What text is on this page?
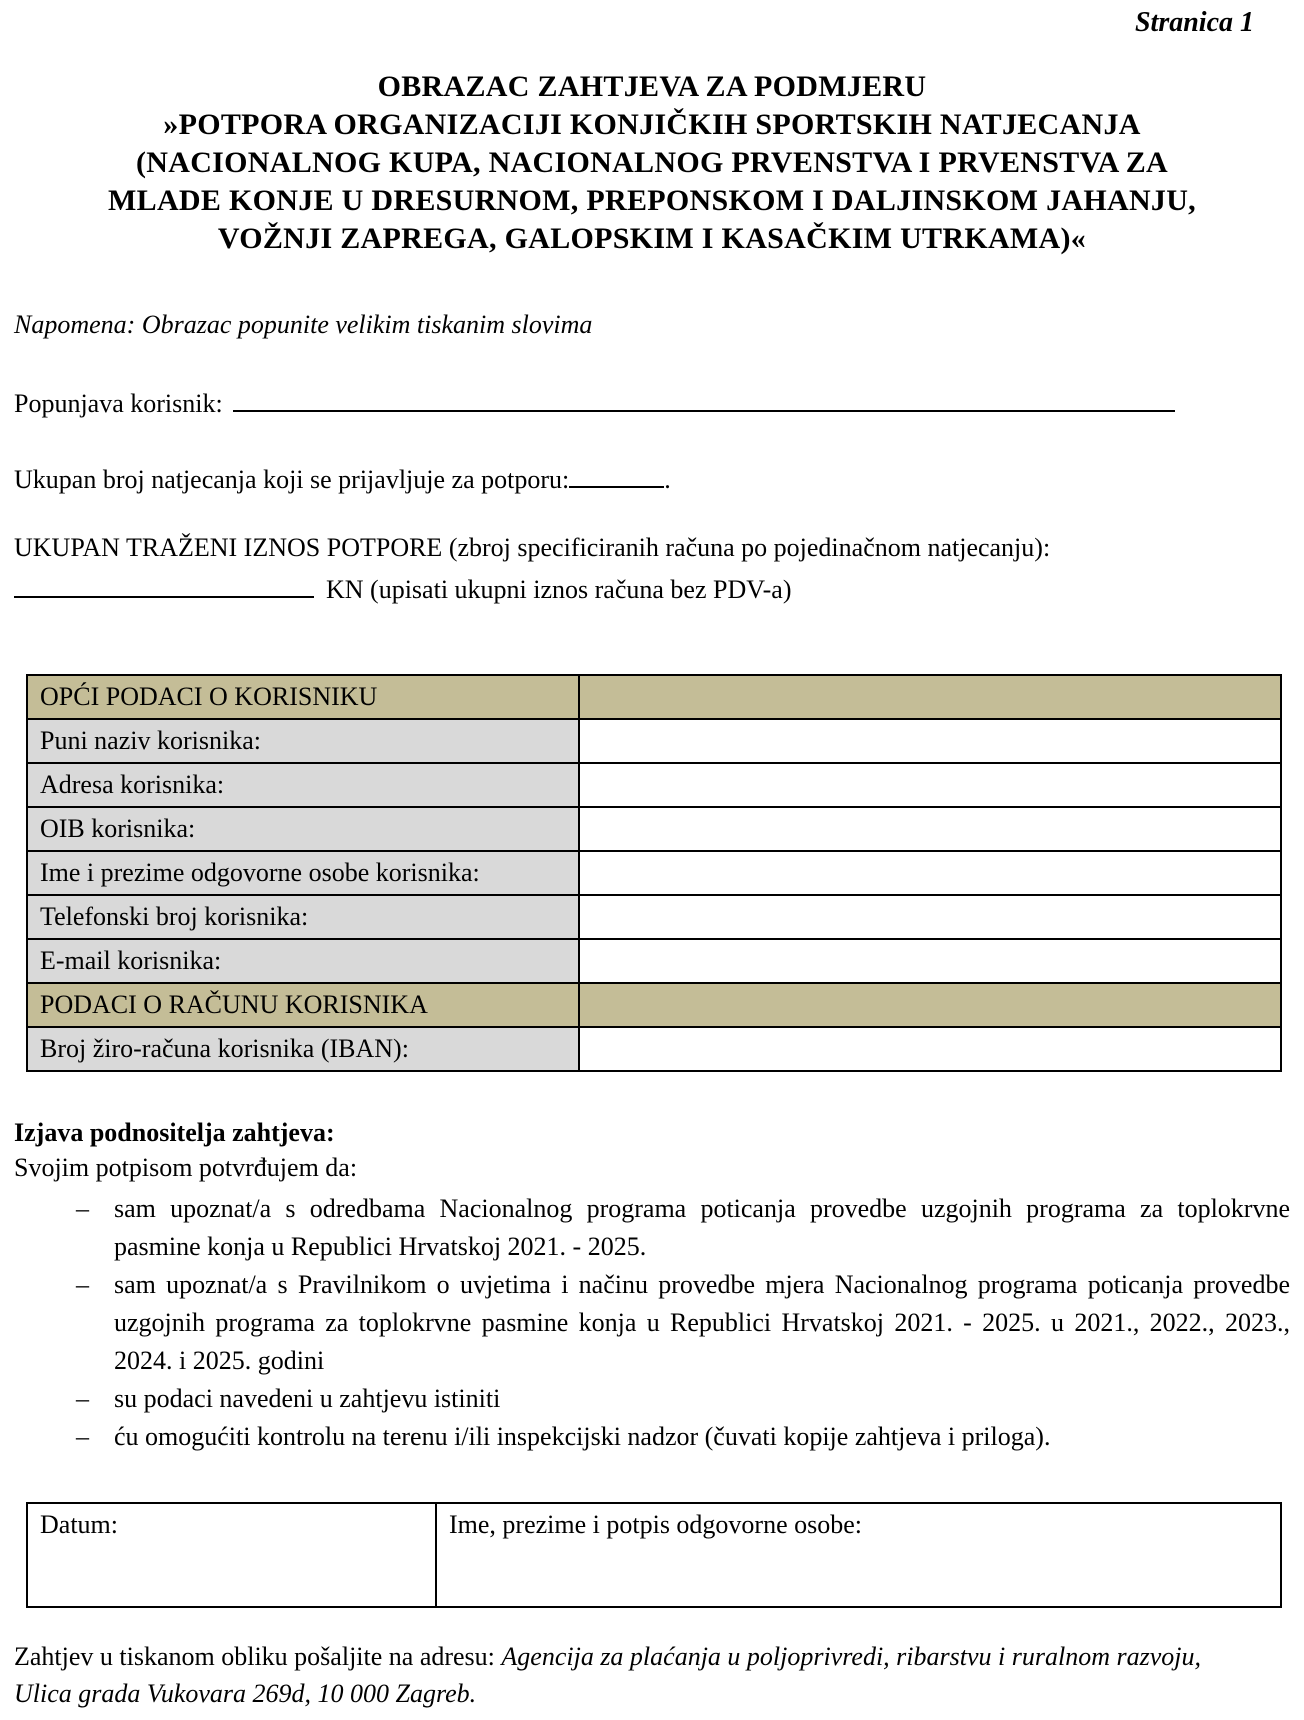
Stranica 1
OBRAZAC ZAHTJEVA ZA PODMJERU
»POTPORA ORGANIZACIJI KONJIČKIH SPORTSKIH NATJECANJA
(NACIONALNOG KUPA, NACIONALNOG PRVENSTVA I PRVENSTVA ZA
MLADE KONJE U DRESURNOM, PREPONSKOM I DALJINSKOM JAHANJU,
VOŽNJI ZAPREGA, GALOPSKIM I KASAČKIM UTRKAMA)«
Napomena: Obrazac popunite velikim tiskanim slovima
Popunjava korisnik:
Ukupan broj natjecanja koji se prijavljuje za potporu:	.
UKUPAN TRAŽENI IZNOS POTPORE (zbroj specificiranih računa po pojedinačnom natjecanju):
KN (upisati ukupni iznos računa bez PDV-a)
OPĆI PODACI O KORISNIKU	
Puni naziv korisnika:	
Adresa korisnika:	
OIB korisnika:	
Ime i prezime odgovorne osobe korisnika:	
Telefonski broj korisnika:	
E-mail korisnika:	
PODACI O RAČUNU KORISNIKA	
Broj žiro-računa korisnika (IBAN):	
Izjava podnositelja zahtjeva:
Svojim potpisom potvrđujem da:
– sam upoznat/a s odredbama Nacionalnog programa poticanja provedbe uzgojnih programa za toplokrvne pasmine konja u Republici Hrvatskoj 2021. - 2025.
– sam upoznat/a s Pravilnikom o uvjetima i načinu provedbe mjera Nacionalnog programa poticanja provedbe uzgojnih programa za toplokrvne pasmine konja u Republici Hrvatskoj 2021. - 2025. u 2021., 2022., 2023., 2024. i 2025. godini
– su podaci navedeni u zahtjevu istiniti
– ću omogućiti kontrolu na terenu i/ili inspekcijski nadzor (čuvati kopije zahtjeva i priloga).
Datum:	Ime, prezime i potpis odgovorne osobe:
Zahtjev u tiskanom obliku pošaljite na adresu: Agencija za plaćanja u poljoprivredi, ribarstvu i ruralnom razvoju,
Ulica grada Vukovara 269d, 10 000 Zagreb.
